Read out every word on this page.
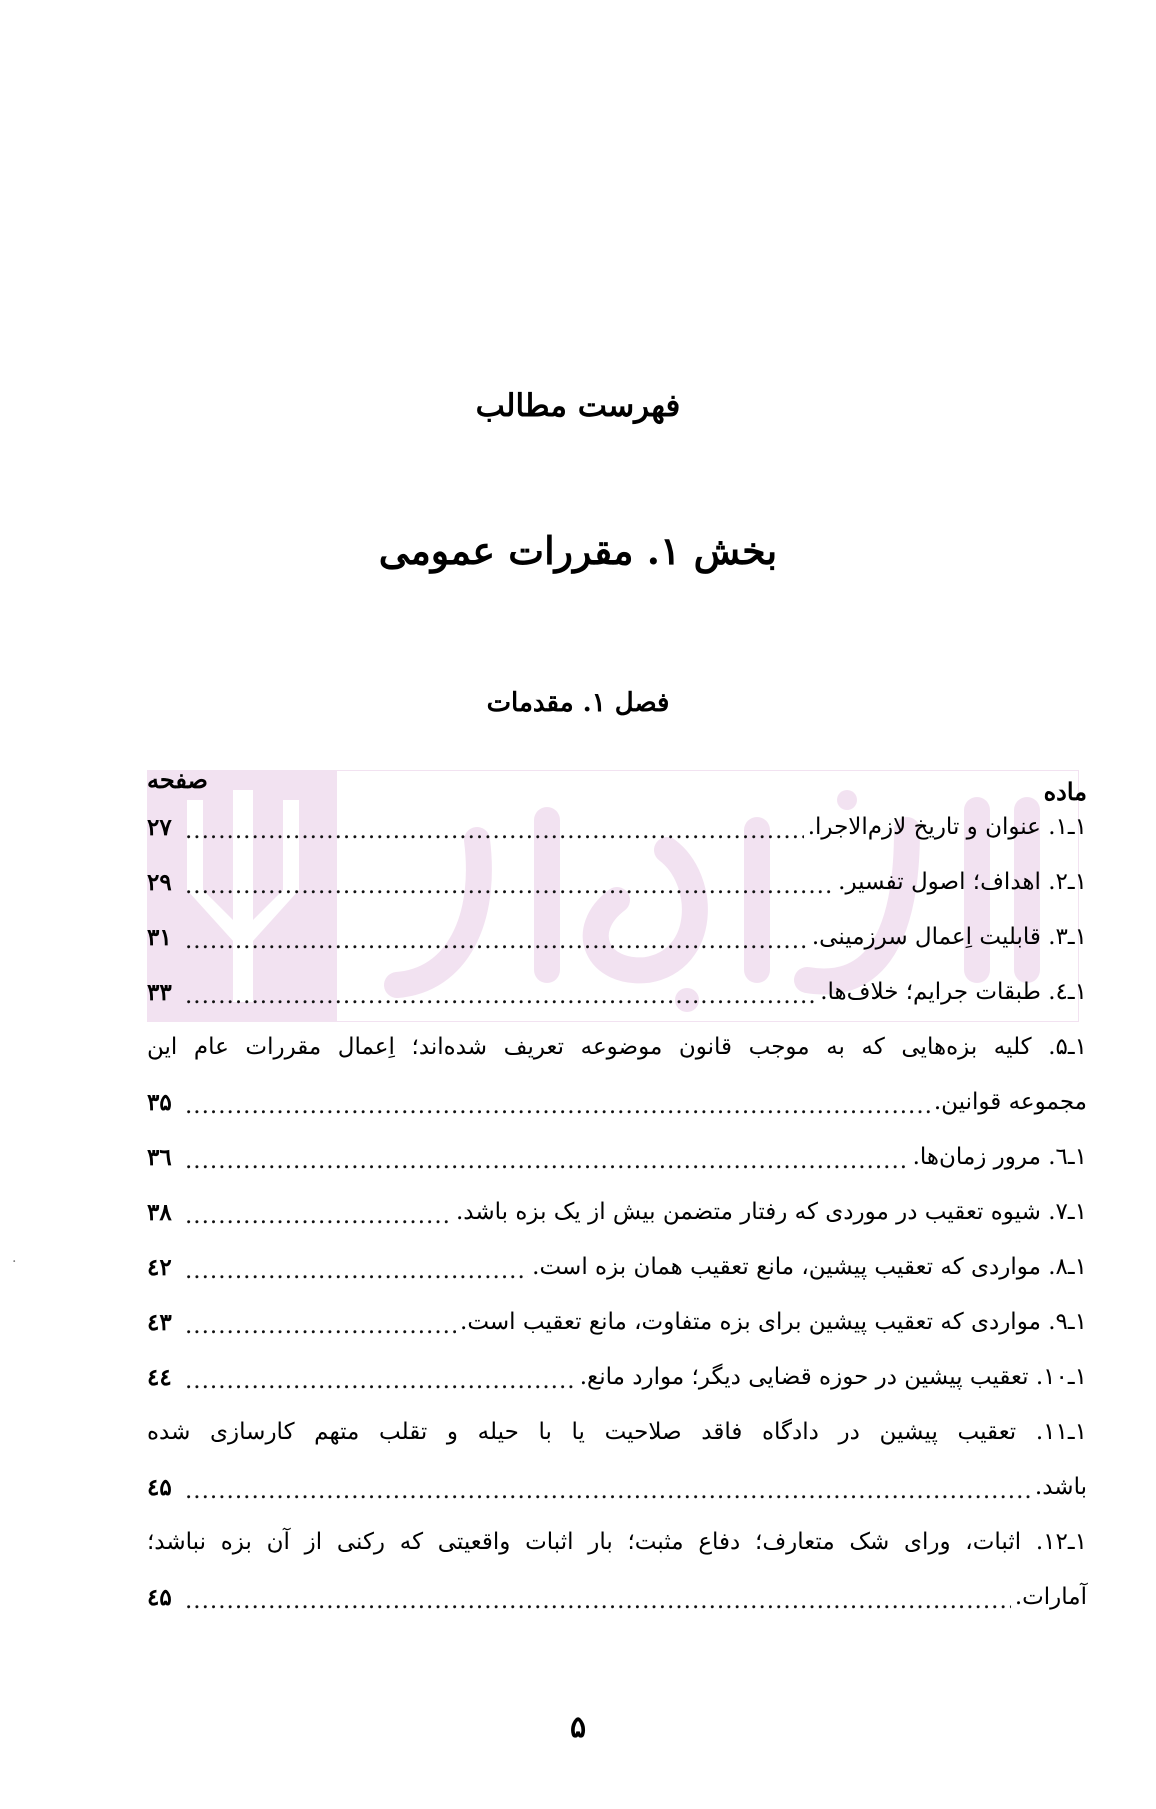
فهرست مطالب
بخش ۱. مقررات عمومی
فصل ۱. مقدمات
ماده
صفحه
۱ـ۱. عنوان و تاریخ لازم‌الاجرا.
.....
۲۷
۱ـ۲. اهداف؛ اصول تفسیر.
.....
۲۹
۱ـ۳. قابلیت اِعمال سرزمینی.
.....
۳۱
۱ـ٤. طبقات جرایم؛ خلاف‌ها.
.....
۳۳
۱ـ۵. کلیه بزه‌هایی که به موجب قانون موضوعه تعریف شده‌اند؛ اِعمال مقررات عام این
مجموعه قوانین.
.....
۳۵
۱ـ٦. مرور زمان‌ها.
.....
۳٦
۱ـ۷. شیوه تعقیب در موردی که رفتار متضمن بیش از یک بزه باشد.
.....
۳۸
۱ـ۸. مواردی که تعقیب پیشین، مانع تعقیب همان بزه است.
.....
٤۲
۱ـ۹. مواردی که تعقیب پیشین برای بزه متفاوت، مانع تعقیب است.
.....
٤۳
۱ـ۱۰. تعقیب پیشین در حوزه قضایی دیگر؛ موارد مانع.
.....
٤٤
۱ـ۱۱. تعقیب پیشین در دادگاه فاقد صلاحیت یا با حیله و تقلب متهم کارسازی شده
باشد.
.....
٤۵
۱ـ۱۲. اثبات، ورای شک متعارف؛ دفاع مثبت؛ بار اثبات واقعیتی که رکنی از آن بزه نباشد؛
آمارات.
.....
٤۵
۵
.
